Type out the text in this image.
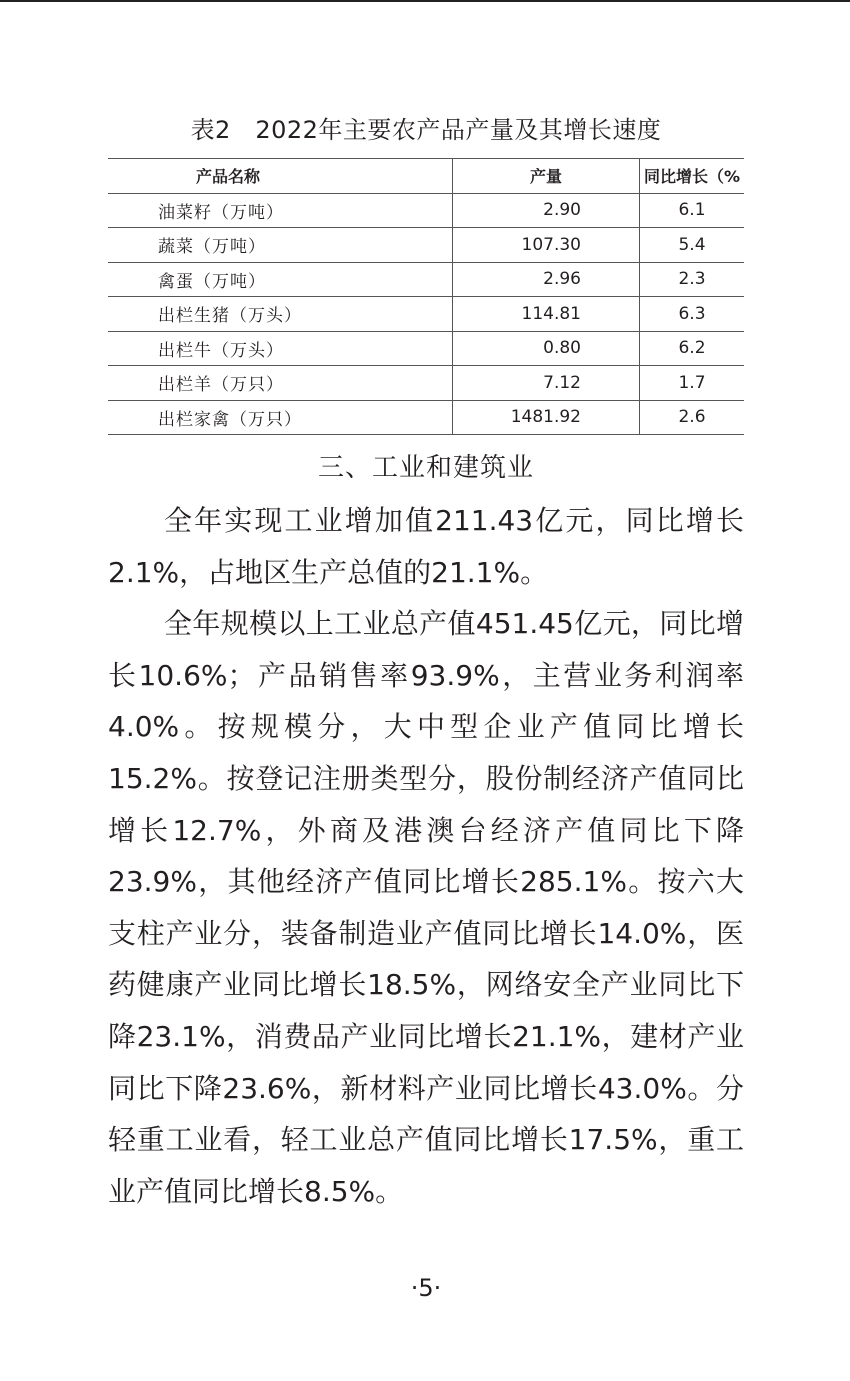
表2　2022年主要农产品产量及其增长速度
产品名称	产量	同比增长（%
油菜籽（万吨）	2.90	6.1
蔬菜（万吨）	107.30	5.4
禽蛋（万吨）	2.96	2.3
出栏生猪（万头）	114.81	6.3
出栏牛（万头）	0.80	6.2
出栏羊（万只）	7.12	1.7
出栏家禽（万只）	1481.92	2.6
三、工业和建筑业

全年实现工业增加值211.43亿元，同比增长2.1%，占地区生产总值的21.1%。

全年规模以上工业总产值451.45亿元，同比增长10.6%；产品销售率93.9%，主营业务利润率4.0%。按规模分，大中型企业产值同比增长15.2%。按登记注册类型分，股份制经济产值同比增长12.7%，外商及港澳台经济产值同比下降23.9%，其他经济产值同比增长285.1%。按六大支柱产业分，装备制造业产值同比增长14.0%，医药健康产业同比增长18.5%，网络安全产业同比下降23.1%，消费品产业同比增长21.1%，建材产业同比下降23.6%，新材料产业同比增长43.0%。分轻重工业看，轻工业总产值同比增长17.5%，重工业产值同比增长8.5%。

·5·
